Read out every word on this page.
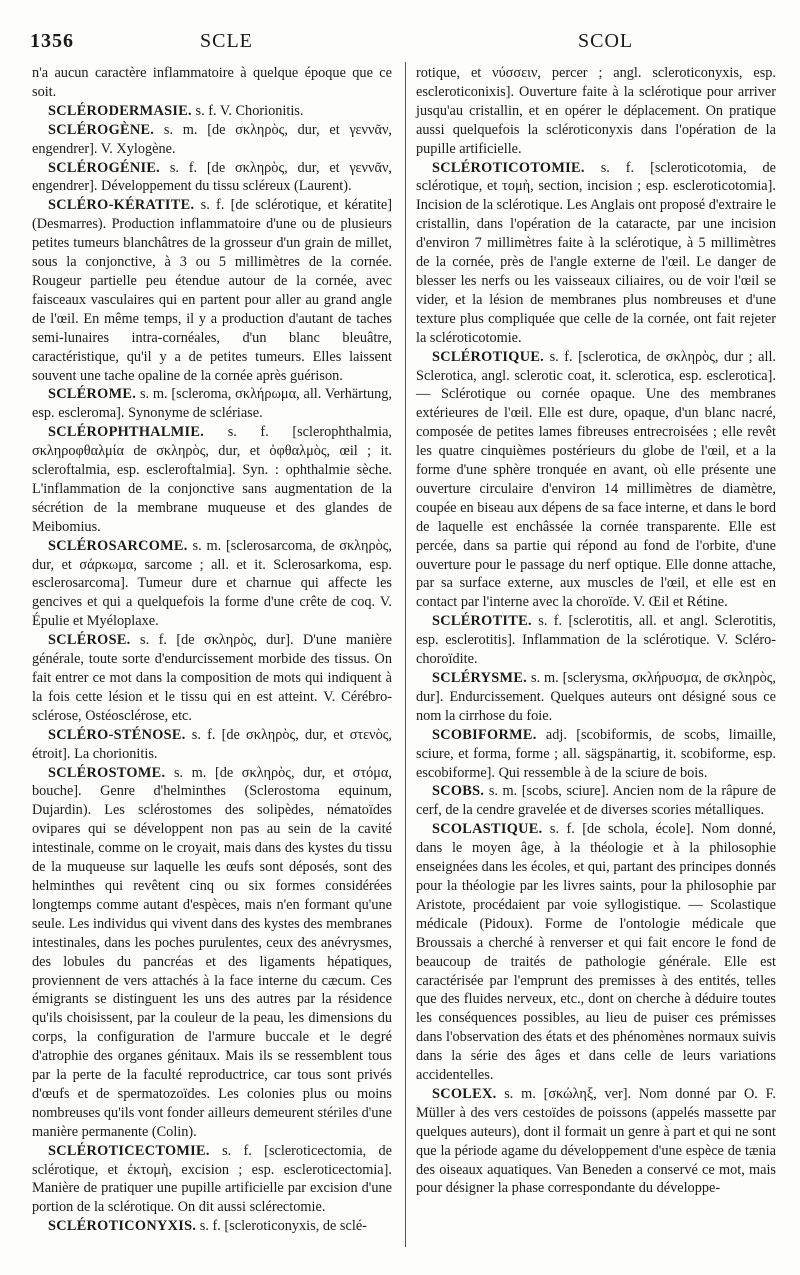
1356	SCLE	SCOL

n'a aucun caractère inflammatoire à quelque époque que ce soit.

SCLÉRODERMASIE. s. f. V. Chorionitis.

SCLÉROGÈNE. s. m. [de σκληρὸς, dur, et γεννᾶν, engendrer]. V. Xylogène.

SCLÉROGÉNIE. s. f. [de σκληρὸς, dur, et γεννᾶν, engendrer]. Développement du tissu scléreux (Laurent).

SCLÉRO-KÉRATITE. s. f. [de sclérotique, et kératite] (Desmarres). Production inflammatoire d'une ou de plusieurs petites tumeurs blanchâtres de la grosseur d'un grain de millet, sous la conjonctive, à 3 ou 5 millimètres de la cornée. Rougeur partielle peu étendue autour de la cornée, avec faisceaux vasculaires qui en partent pour aller au grand angle de l'œil. En même temps, il y a production d'autant de taches semi-lunaires intra-cornéales, d'un blanc bleuâtre, caractéristique, qu'il y a de petites tumeurs. Elles laissent souvent une tache opaline de la cornée après guérison.

SCLÉROME. s. m. [scleroma, σκλήρωμα, all. Verhärtung, esp. escleroma]. Synonyme de sclériase.

SCLÉROPHTHALMIE. s. f. [sclerophthalmia, σκληροφθαλμία de σκληρὸς, dur, et ὀφθαλμὸς, œil ; it. scleroftalmia, esp. escleroftalmia]. Syn. : ophthalmie sèche. L'inflammation de la conjonctive sans augmentation de la sécrétion de la membrane muqueuse et des glandes de Meibomius.

SCLÉROSARCOME. s. m. [sclerosarcoma, de σκληρὸς, dur, et σάρκωμα, sarcome ; all. et it. Sclerosarkoma, esp. esclerosarcoma]. Tumeur dure et charnue qui affecte les gencives et qui a quelquefois la forme d'une crête de coq. V. Épulie et Myéloplaxe.

SCLÉROSE. s. f. [de σκληρὸς, dur]. D'une manière générale, toute sorte d'endurcissement morbide des tissus. On fait entrer ce mot dans la composition de mots qui indiquent à la fois cette lésion et le tissu qui en est atteint. V. Cérébro-sclérose, Ostéosclérose, etc.

SCLÉRO-STÉNOSE. s. f. [de σκληρὸς, dur, et στενὸς, étroit]. La chorionitis.

SCLÉROSTOME. s. m. [de σκληρὸς, dur, et στόμα, bouche]. Genre d'helminthes (Sclerostoma equinum, Dujardin). Les sclérostomes des solipèdes, nématoïdes ovipares qui se développent non pas au sein de la cavité intestinale, comme on le croyait, mais dans des kystes du tissu de la muqueuse sur laquelle les œufs sont déposés, sont des helminthes qui revêtent cinq ou six formes considérées longtemps comme autant d'espèces, mais n'en formant qu'une seule. Les individus qui vivent dans des kystes des membranes intestinales, dans les poches purulentes, ceux des anévrysmes, des lobules du pancréas et des ligaments hépatiques, proviennent de vers attachés à la face interne du cæcum. Ces émigrants se distinguent les uns des autres par la résidence qu'ils choisissent, par la couleur de la peau, les dimensions du corps, la configuration de l'armure buccale et le degré d'atrophie des organes génitaux. Mais ils se ressemblent tous par la perte de la faculté reproductrice, car tous sont privés d'œufs et de spermatozoïdes. Les colonies plus ou moins nombreuses qu'ils vont fonder ailleurs demeurent stériles d'une manière permanente (Colin).

SCLÉROTICECTOMIE. s. f. [scleroticectomia, de sclérotique, et ἐκτομὴ, excision ; esp. escleroticectomia]. Manière de pratiquer une pupille artificielle par excision d'une portion de la sclérotique. On dit aussi sclérectomie.

SCLÉROTICONYXIS. s. f. [scleroticonyxis, de sclé-

rotique, et νύσσειν, percer ; angl. scleroticonyxis, esp. escleroticonixis]. Ouverture faite à la sclérotique pour arriver jusqu'au cristallin, et en opérer le déplacement. On pratique aussi quelquefois la scléroticonyxis dans l'opération de la pupille artificielle.

SCLÉROTICOTOMIE. s. f. [scleroticotomia, de sclérotique, et τομὴ, section, incision ; esp. escleroticotomia]. Incision de la sclérotique. Les Anglais ont proposé d'extraire le cristallin, dans l'opération de la cataracte, par une incision d'environ 7 millimètres faite à la sclérotique, à 5 millimètres de la cornée, près de l'angle externe de l'œil. Le danger de blesser les nerfs ou les vaisseaux ciliaires, ou de voir l'œil se vider, et la lésion de membranes plus nombreuses et d'une texture plus compliquée que celle de la cornée, ont fait rejeter la scléroticotomie.

SCLÉROTIQUE. s. f. [sclerotica, de σκληρὸς, dur ; all. Sclerotica, angl. sclerotic coat, it. sclerotica, esp. esclerotica]. — Sclérotique ou cornée opaque. Une des membranes extérieures de l'œil. Elle est dure, opaque, d'un blanc nacré, composée de petites lames fibreuses entrecroisées ; elle revêt les quatre cinquièmes postérieurs du globe de l'œil, et a la forme d'une sphère tronquée en avant, où elle présente une ouverture circulaire d'environ 14 millimètres de diamètre, coupée en biseau aux dépens de sa face interne, et dans le bord de laquelle est enchâssée la cornée transparente. Elle est percée, dans sa partie qui répond au fond de l'orbite, d'une ouverture pour le passage du nerf optique. Elle donne attache, par sa surface externe, aux muscles de l'œil, et elle est en contact par l'interne avec la choroïde. V. Œil et Rétine.

SCLÉROTITE. s. f. [sclerotitis, all. et angl. Sclerotitis, esp. esclerotitis]. Inflammation de la sclérotique. V. Scléro-choroïdite.

SCLÉRYSME. s. m. [sclerysma, σκλήρυσμα, de σκληρὸς, dur]. Endurcissement. Quelques auteurs ont désigné sous ce nom la cirrhose du foie.

SCOBIFORME. adj. [scobiformis, de scobs, limaille, sciure, et forma, forme ; all. sägspänartig, it. scobiforme, esp. escobiforme]. Qui ressemble à de la sciure de bois.

SCOBS. s. m. [scobs, sciure]. Ancien nom de la râpure de cerf, de la cendre gravelée et de diverses scories métalliques.

SCOLASTIQUE. s. f. [de schola, école]. Nom donné, dans le moyen âge, à la théologie et à la philosophie enseignées dans les écoles, et qui, partant des principes donnés pour la théologie par les livres saints, pour la philosophie par Aristote, procédaient par voie syllogistique. — Scolastique médicale (Pidoux). Forme de l'ontologie médicale que Broussais a cherché à renverser et qui fait encore le fond de beaucoup de traités de pathologie générale. Elle est caractérisée par l'emprunt des premisses à des entités, telles que des fluides nerveux, etc., dont on cherche à déduire toutes les conséquences possibles, au lieu de puiser ces prémisses dans l'observation des états et des phénomènes normaux suivis dans la série des âges et dans celle de leurs variations accidentelles.

SCOLEX. s. m. [σκώληξ, ver]. Nom donné par O. F. Müller à des vers cestoïdes de poissons (appelés massette par quelques auteurs), dont il formait un genre à part et qui ne sont que la période agame du développement d'une espèce de tænia des oiseaux aquatiques. Van Beneden a conservé ce mot, mais pour désigner la phase correspondante du développe-
